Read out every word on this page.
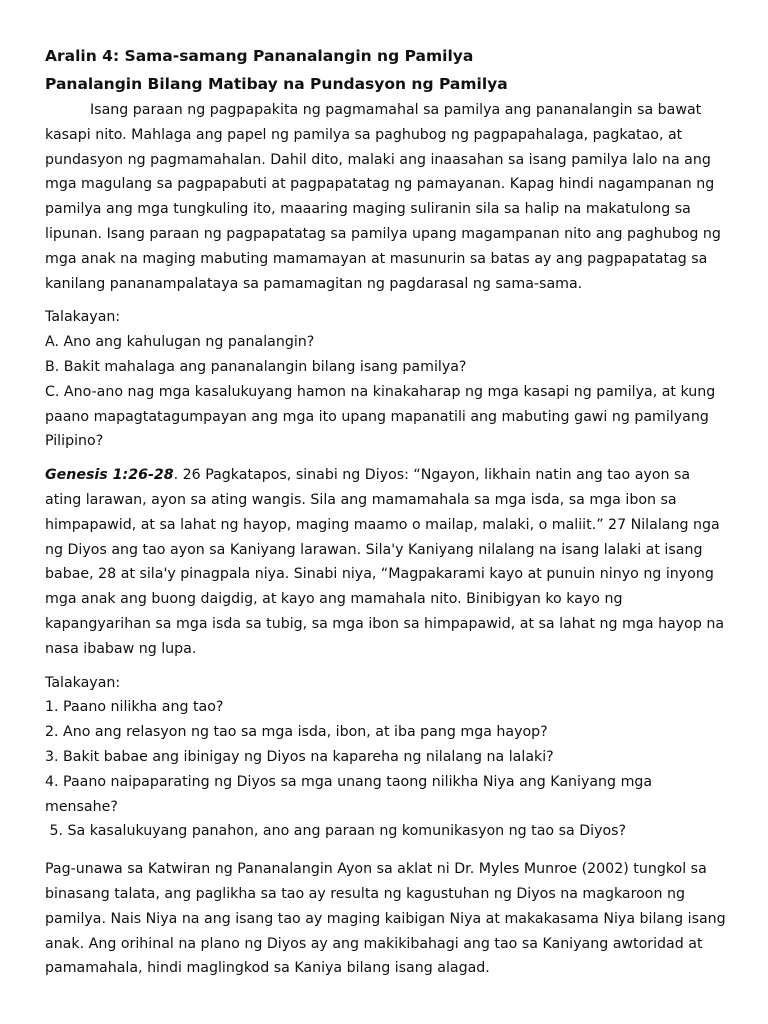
Aralin 4: Sama-samang Pananalangin ng Pamilya
Panalangin Bilang Matibay na Pundasyon ng Pamilya

Isang paraan ng pagpapakita ng pagmamahal sa pamilya ang pananalangin sa bawat kasapi nito. Mahlaga ang papel ng pamilya sa paghubog ng pagpapahalaga, pagkatao, at pundasyon ng pagmamahalan. Dahil dito, malaki ang inaasahan sa isang pamilya lalo na ang mga magulang sa pagpapabuti at pagpapatatag ng pamayanan. Kapag hindi nagampanan ng pamilya ang mga tungkuling ito, maaaring maging suliranin sila sa halip na makatulong sa lipunan. Isang paraan ng pagpapatatag sa pamilya upang magampanan nito ang paghubog ng mga anak na maging mabuting mamamayan at masunurin sa batas ay ang pagpapatatag sa kanilang pananampalataya sa pamamagitan ng pagdarasal ng sama-sama.

Talakayan:
A. Ano ang kahulugan ng panalangin?
B. Bakit mahalaga ang pananalangin bilang isang pamilya?
C. Ano-ano nag mga kasalukuyang hamon na kinakaharap ng mga kasapi ng pamilya, at kung paano mapagtatagumpayan ang mga ito upang mapanatili ang mabuting gawi ng pamilyang Pilipino?

Genesis 1:26-28. 26 Pagkatapos, sinabi ng Diyos: “Ngayon, likhain natin ang tao ayon sa ating larawan, ayon sa ating wangis. Sila ang mamamahala sa mga isda, sa mga ibon sa himpapawid, at sa lahat ng hayop, maging maamo o mailap, malaki, o maliit.” 27 Nilalang nga ng Diyos ang tao ayon sa Kaniyang larawan. Sila'y Kaniyang nilalang na isang lalaki at isang babae, 28 at sila'y pinagpala niya. Sinabi niya, “Magpakarami kayo at punuin ninyo ng inyong mga anak ang buong daigdig, at kayo ang mamahala nito. Binibigyan ko kayo ng kapangyarihan sa mga isda sa tubig, sa mga ibon sa himpapawid, at sa lahat ng mga hayop na nasa ibabaw ng lupa.

Talakayan:
1. Paano nilikha ang tao?
2. Ano ang relasyon ng tao sa mga isda, ibon, at iba pang mga hayop?
3. Bakit babae ang ibinigay ng Diyos na kapareha ng nilalang na lalaki?
4. Paano naipaparating ng Diyos sa mga unang taong nilikha Niya ang Kaniyang mga mensahe?
5. Sa kasalukuyang panahon, ano ang paraan ng komunikasyon ng tao sa Diyos?

Pag-unawa sa Katwiran ng Pananalangin Ayon sa aklat ni Dr. Myles Munroe (2002) tungkol sa binasang talata, ang paglikha sa tao ay resulta ng kagustuhan ng Diyos na magkaroon ng pamilya. Nais Niya na ang isang tao ay maging kaibigan Niya at makakasama Niya bilang isang anak. Ang orihinal na plano ng Diyos ay ang makikibahagi ang tao sa Kaniyang awtoridad at pamamahala, hindi maglingkod sa Kaniya bilang isang alagad.
